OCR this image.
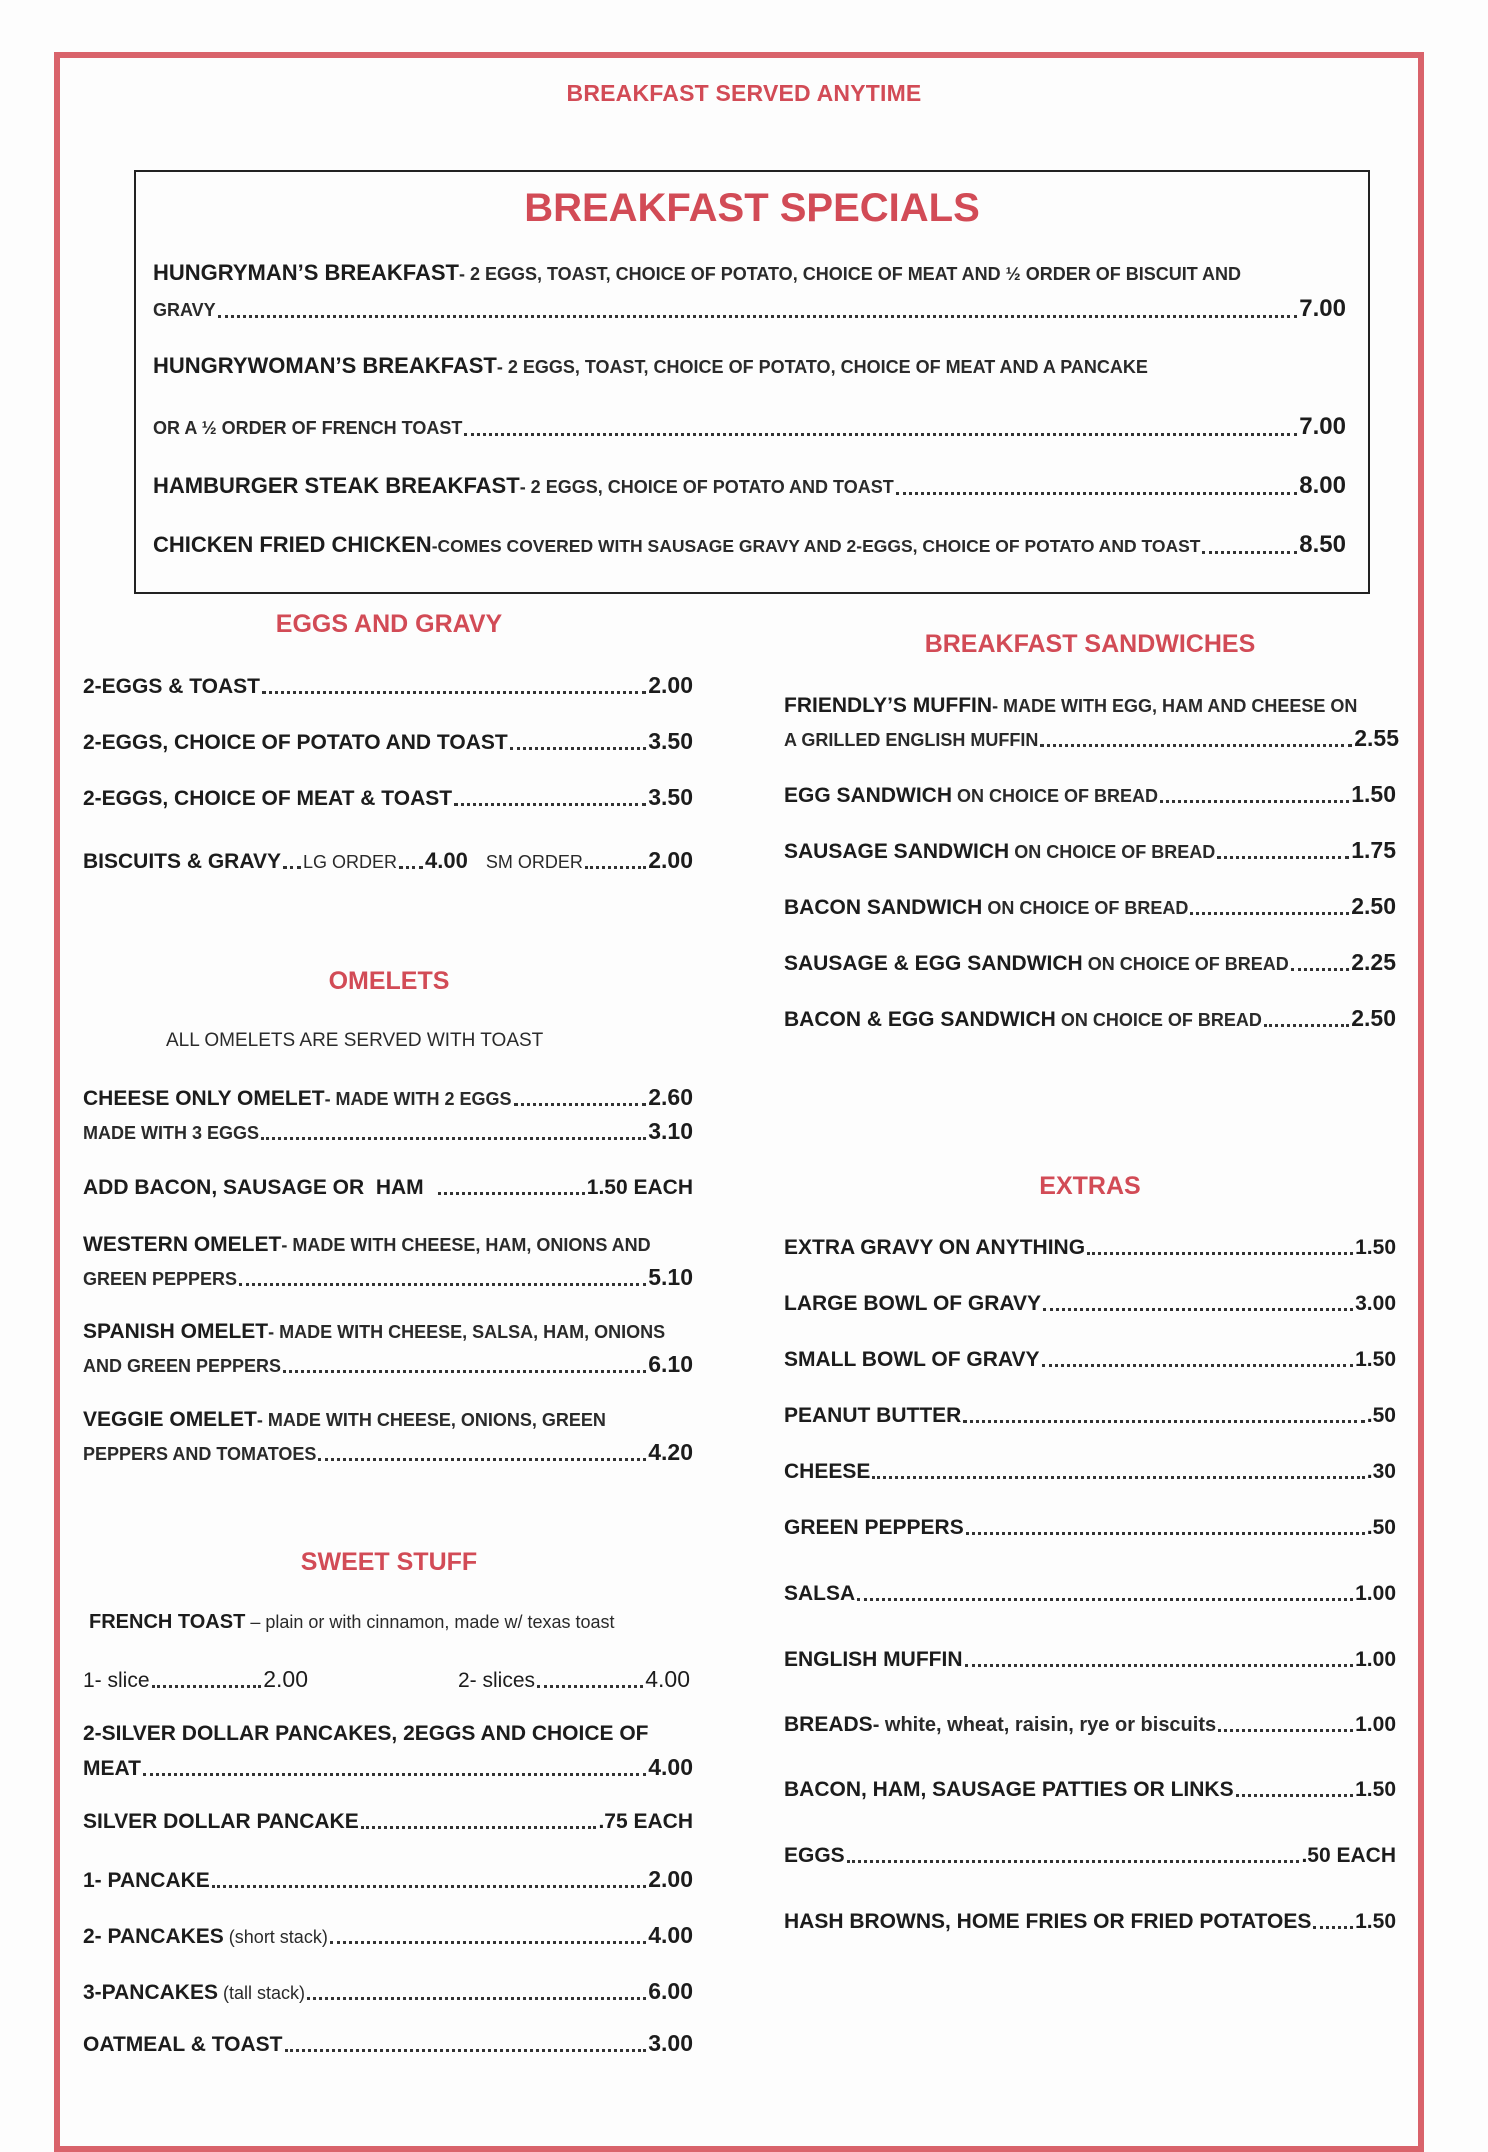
BREAKFAST SERVED ANYTIME
BREAKFAST SPECIALS
HUNGRYMAN’S BREAKFAST - 2 EGGS, TOAST, CHOICE OF POTATO, CHOICE OF MEAT AND ½ ORDER OF BISCUIT AND
GRAVY	7.00
HUNGRYWOMAN’S BREAKFAST - 2 EGGS, TOAST, CHOICE OF POTATO, CHOICE OF MEAT AND A PANCAKE
OR A ½ ORDER OF FRENCH TOAST	7.00
HAMBURGER STEAK BREAKFAST - 2 EGGS, CHOICE OF POTATO AND TOAST	8.00
CHICKEN FRIED CHICKEN -COMES COVERED WITH SAUSAGE GRAVY AND 2-EGGS, CHOICE OF POTATO AND TOAST	8.50
EGGS AND GRAVY
2-EGGS & TOAST	2.00
2-EGGS, CHOICE OF POTATO AND TOAST	3.50
2-EGGS, CHOICE OF MEAT & TOAST	3.50
BISCUITS & GRAVY LG ORDER 4.00 SM ORDER	2.00
OMELETS
ALL OMELETS ARE SERVED WITH TOAST
CHEESE ONLY OMELET - MADE WITH 2 EGGS	2.60
MADE WITH 3 EGGS	3.10
ADD BACON, SAUSAGE OR  HAM	1.50 EACH
WESTERN OMELET - MADE WITH CHEESE, HAM, ONIONS AND
GREEN PEPPERS	5.10
SPANISH OMELET - MADE WITH CHEESE, SALSA, HAM, ONIONS
AND GREEN PEPPERS	6.10
VEGGIE OMELET - MADE WITH CHEESE, ONIONS, GREEN
PEPPERS AND TOMATOES	4.20
SWEET STUFF
FRENCH TOAST – plain or with cinnamon, made w/ texas toast
1- slice	2.00	2- slices	4.00
2-SILVER DOLLAR PANCAKES, 2EGGS AND CHOICE OF
MEAT	4.00
SILVER DOLLAR PANCAKE	.75 EACH
1- PANCAKE	2.00
2- PANCAKES (short stack)	4.00
3-PANCAKES (tall stack)	6.00
OATMEAL & TOAST	3.00
BREAKFAST SANDWICHES
FRIENDLY’S MUFFIN - MADE WITH EGG, HAM AND CHEESE ON
A GRILLED ENGLISH MUFFIN	2.55
EGG SANDWICH ON CHOICE OF BREAD	1.50
SAUSAGE SANDWICH ON CHOICE OF BREAD	1.75
BACON SANDWICH ON CHOICE OF BREAD	2.50
SAUSAGE & EGG SANDWICH ON CHOICE OF BREAD	2.25
BACON & EGG SANDWICH ON CHOICE OF BREAD	2.50
EXTRAS
EXTRA GRAVY ON ANYTHING	1.50
LARGE BOWL OF GRAVY	3.00
SMALL BOWL OF GRAVY	1.50
PEANUT BUTTER	.50
CHEESE	.30
GREEN PEPPERS	.50
SALSA	1.00
ENGLISH MUFFIN	1.00
BREADS - white, wheat, raisin, rye or biscuits	1.00
BACON, HAM, SAUSAGE PATTIES OR LINKS	1.50
EGGS	.50 EACH
HASH BROWNS, HOME FRIES OR FRIED POTATOES 1.50
